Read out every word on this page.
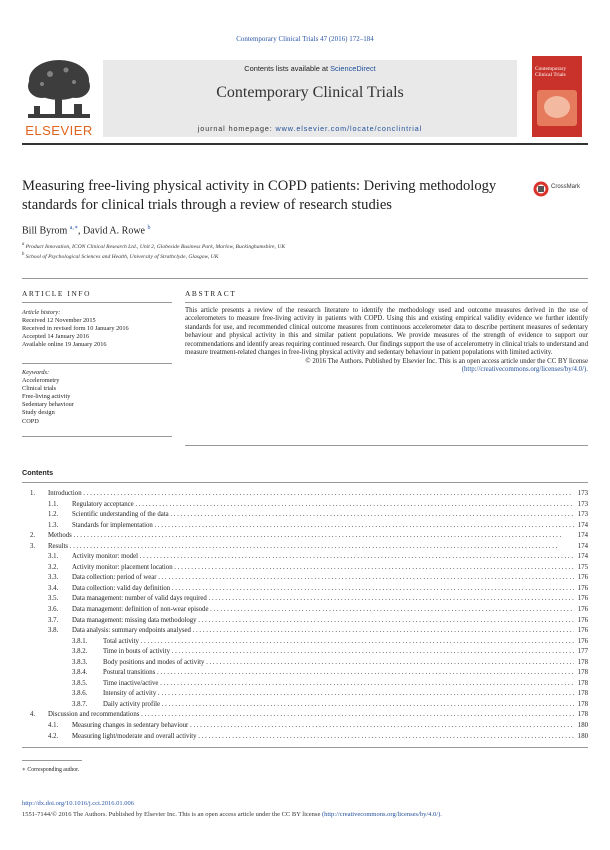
Contemporary Clinical Trials 47 (2016) 172–184
ELSEVIER
Contents lists available at ScienceDirect
Contemporary Clinical Trials
journal homepage: www.elsevier.com/locate/conclintrial
Contemporary Clinical Trials
Measuring free-living physical activity in COPD patients: Deriving methodology standards for clinical trials through a review of research studies
CrossMark
Bill Byrom $^{a,∗}$, David A. Rowe $^b$
$^a$ Product Innovation, ICON Clinical Research Ltd., Unit 2, Globeside Business Park, Marlow, Buckinghamshire, UK
$^b$ School of Psychological Sciences and Health, University of Strathclyde, Glasgow, UK
ARTICLE INFO	ABSTRACT
Article history:
Received 12 November 2015
Received in revised form 10 January 2016
Accepted 14 January 2016
Available online 19 January 2016
Keywords:
Accelerometry
Clinical trials
Free-living activity
Sedentary behaviour
Study design
COPD
This article presents a review of the research literature to identify the methodology used and outcome measures derived in the use of accelerometers to measure free-living activity in patients with COPD. Using this and existing empirical validity evidence we further identify standards for use, and recommended clinical outcome measures from continuous accelerometer data to describe pertinent measures of sedentary behaviour and physical activity in this and similar patient populations. We provide measures of the strength of evidence to support our recommendations and identify areas requiring continued research. Our findings support the use of accelerometry in clinical trials to understand and measure treatment-related changes in free-living physical activity and sedentary behaviour in patient populations with limited activity.
© 2016 The Authors. Published by Elsevier Inc. This is an open access article under the CC BY license
(http://creativecommons.org/licenses/by/4.0/).
Contents
1. Introduction . . .	173
1.1. Regulatory acceptance . . .	173
1.2. Scientific understanding of the data . . .	173
1.3. Standards for implementation . . .	174
2. Methods . . .	174
3. Results . . .	174
3.1. Activity monitor: model . . .	174
3.2. Activity monitor: placement location . . .	175
3.3. Data collection: period of wear . . .	176
3.4. Data collection: valid day definition . . .	176
3.5. Data management: number of valid days required . . .	176
3.6. Data management: definition of non-wear episode . . .	176
3.7. Data management: missing data methodology . . .	176
3.8. Data analysis: summary endpoints analysed . . .	176
3.8.1. Total activity . . .	176
3.8.2. Time in bouts of activity . . .	177
3.8.3. Body positions and modes of activity . . .	178
3.8.4. Postural transitions . . .	178
3.8.5. Time inactive/active . . .	178
3.8.6. Intensity of activity . . .	178
3.8.7. Daily activity profile . . .	178
4. Discussion and recommendations . . .	178
4.1. Measuring changes in sedentary behaviour . . .	180
4.2. Measuring light/moderate and overall activity . . .	180
∗ Corresponding author.
http://dx.doi.org/10.1016/j.cct.2016.01.006
1551-7144/© 2016 The Authors. Published by Elsevier Inc. This is an open access article under the CC BY license (http://creativecommons.org/licenses/by/4.0/).
